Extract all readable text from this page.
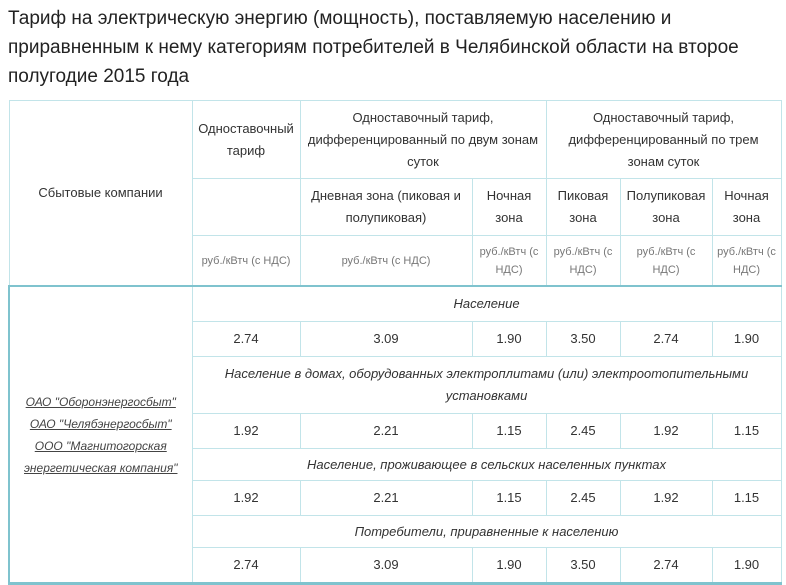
Тариф на электрическую энергию (мощность), поставляемую населению и приравненным к нему категориям потребителей в Челябинской области на второе полугодие 2015 года
Сбытовые компании	Одноставочный тариф	Одноставочный тариф, дифференцированный по двум зонам суток		Одноставочный тариф, дифференцированный по трем зонам суток		
		Дневная зона (пиковая и полупиковая)	Ночная зона	Пиковая зона	Полупиковая зона	Ночная зона
	руб./кВтч (с НДС)	руб./кВтч (с НДС)	руб./кВтч (с НДС)	руб./кВтч (с НДС)	руб./кВтч (с НДС)	руб./кВтч (с НДС)

ОАО "Оборонэнергосбыт"
ОАО "Челябэнергосбыт"
ООО "Магнитогорская энергетическая компания"	Население					
	2.74	3.09	1.90	3.50	2.74	1.90
	Население в домах, оборудованных электроплитами (или) электроотопительными установками					
	1.92	2.21	1.15	2.45	1.92	1.15
	Население, проживающее в сельских населенных пунктах					
	1.92	2.21	1.15	2.45	1.92	1.15
	Потребители, приравненные к населению					
	2.74	3.09	1.90	3.50	2.74	1.90
